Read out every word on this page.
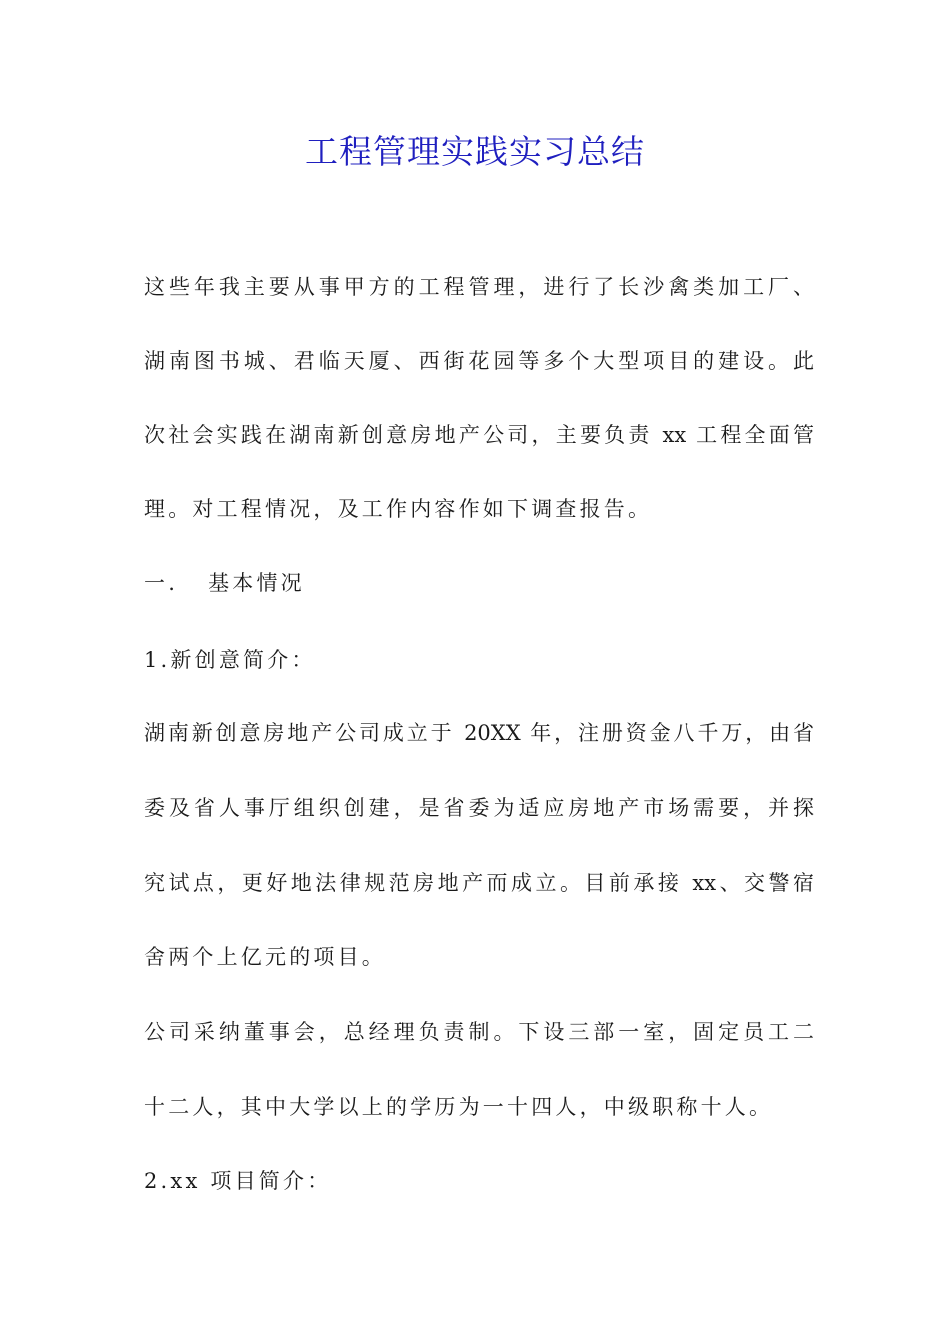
工程管理实践实习总结
这些年我主要从事甲方的工程管理，进行了长沙禽类加工厂、
湖南图书城、君临天厦、西街花园等多个大型项目的建设。此
次社会实践在湖南新创意房地产公司，主要负责 xx 工程全面管
理。对工程情况，及工作内容作如下调查报告。
一. 基本情况
1.新创意简介：
湖南新创意房地产公司成立于 20XX 年，注册资金八千万，由省
委及省人事厅组织创建，是省委为适应房地产市场需要，并探
究试点，更好地法律规范房地产而成立。目前承接 xx、交警宿
舍两个上亿元的项目。
公司采纳董事会，总经理负责制。下设三部一室，固定员工二
十二人，其中大学以上的学历为一十四人，中级职称十人。
2.xx 项目简介：
